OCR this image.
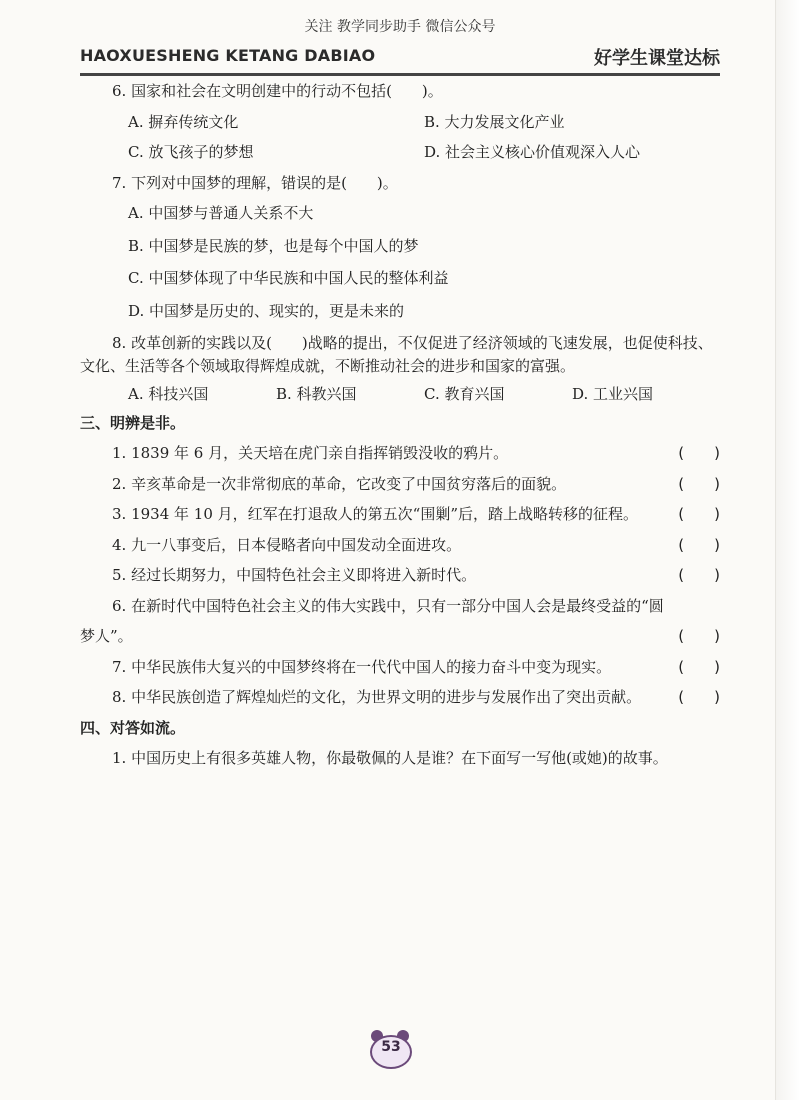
关注 教学同步助手 微信公众号
HAOXUESHENG KETANG DABIAO	好学生课堂达标
6. 国家和社会在文明创建中的行动不包括(　　)。
A. 摒弃传统文化	B. 大力发展文化产业
C. 放飞孩子的梦想	D. 社会主义核心价值观深入人心
7. 下列对中国梦的理解，错误的是(　　)。
A. 中国梦与普通人关系不大
B. 中国梦是民族的梦，也是每个中国人的梦
C. 中国梦体现了中华民族和中国人民的整体利益
D. 中国梦是历史的、现实的，更是未来的
8. 改革创新的实践以及(　　)战略的提出，不仅促进了经济领域的飞速发展，也促使科技、文化、生活等各个领域取得辉煌成就，不断推动社会的进步和国家的富强。
A. 科技兴国	B. 科教兴国	C. 教育兴国	D. 工业兴国
三、明辨是非。
1. 1839 年 6 月，关天培在虎门亲自指挥销毁没收的鸦片。	(　　)
2. 辛亥革命是一次非常彻底的革命，它改变了中国贫穷落后的面貌。	(　　)
3. 1934 年 10 月，红军在打退敌人的第五次“围剿”后，踏上战略转移的征程。	(　　)
4. 九一八事变后，日本侵略者向中国发动全面进攻。	(　　)
5. 经过长期努力，中国特色社会主义即将进入新时代。	(　　)
6. 在新时代中国特色社会主义的伟大实践中，只有一部分中国人会是最终受益的“圆
梦人”。	(　　)
7. 中华民族伟大复兴的中国梦终将在一代代中国人的接力奋斗中变为现实。	(　　)
8. 中华民族创造了辉煌灿烂的文化，为世界文明的进步与发展作出了突出贡献。	(　　)
四、对答如流。
1. 中国历史上有很多英雄人物，你最敬佩的人是谁？在下面写一写他(或她)的故事。
53
